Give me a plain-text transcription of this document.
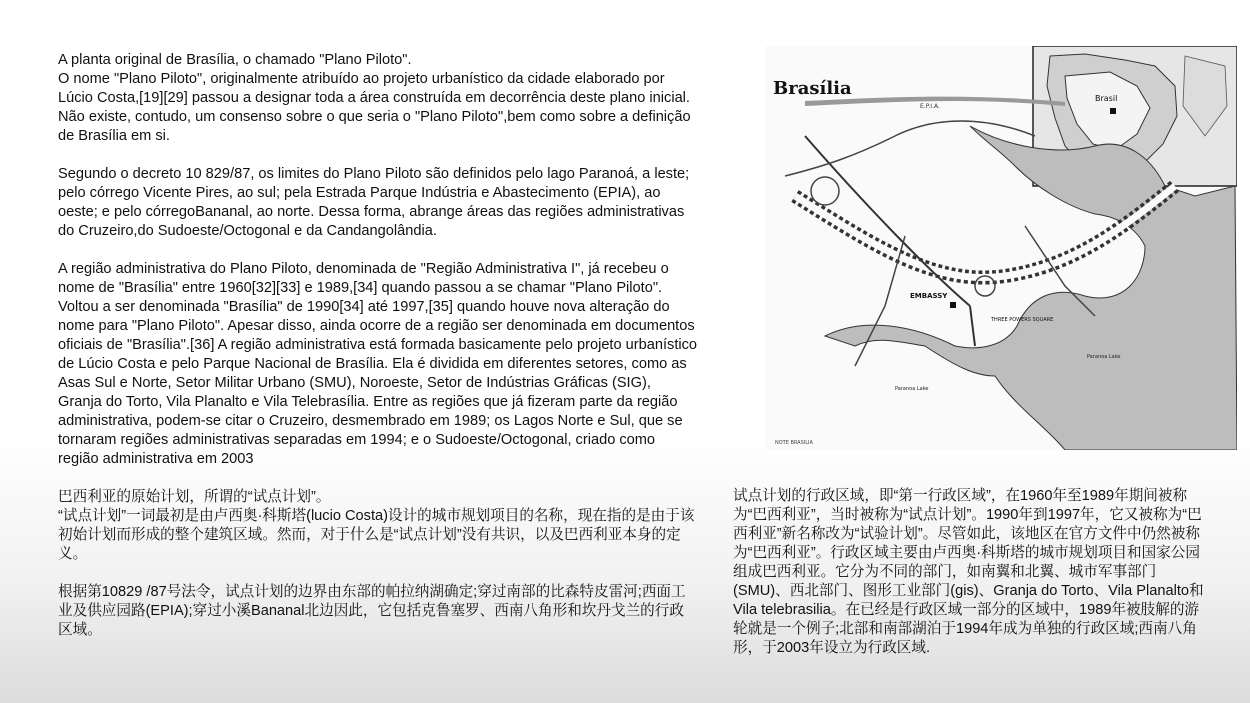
A planta original de Brasília, o chamado "Plano Piloto".
O nome "Plano Piloto", originalmente atribuído ao projeto urbanístico da cidade elaborado por Lúcio Costa,[19][29] passou a designar toda a área construída em decorrência deste plano inicial. Não existe, contudo, um consenso sobre o que seria o "Plano Piloto",bem como sobre a definição de Brasília em si.

Segundo o decreto 10 829/87, os limites do Plano Piloto são definidos pelo lago Paranoá, a leste; pelo córrego Vicente Pires, ao sul; pela Estrada Parque Indústria e Abastecimento (EPIA), ao oeste; e pelo córregoBananal, ao norte. Dessa forma, abrange áreas das regiões administrativas do Cruzeiro,do Sudoeste/Octogonal e da Candangolândia.

A região administrativa do Plano Piloto, denominada de "Região Administrativa I", já recebeu o nome de "Brasília" entre 1960[32][33] e 1989,[34] quando passou a se chamar "Plano Piloto". Voltou a ser denominada "Brasília" de 1990[34] até 1997,[35] quando houve nova alteração do nome para "Plano Piloto". Apesar disso, ainda ocorre de a região ser denominada em documentos oficiais de "Brasília".[36] A região administrativa está formada basicamente pelo projeto urbanístico de Lúcio Costa e pelo Parque Nacional de Brasília. Ela é dividida em diferentes setores, como as Asas Sul e Norte, Setor Militar Urbano (SMU), Noroeste, Setor de Indústrias Gráficas (SIG), Granja do Torto, Vila Planalto e Vila Telebrasília. Entre as regiões que já fizeram parte da região administrativa, podem-se citar o Cruzeiro, desmembrado em 1989; os Lagos Norte e Sul, que se tornaram regiões administrativas separadas em 1994; e o Sudoeste/Octogonal, criado como região administrativa em 2003

巴西利亚的原始计划，所谓的“试点计划”。
“试点计划”一词最初是由卢西奥·科斯塔(lucio Costa)设计的城市规划项目的名称，现在指的是由于该初始计划而形成的整个建筑区域。然而，对于什么是“试点计划”没有共识，以及巴西利亚本身的定义。

根据第10829 /87号法令，试点计划的边界由东部的帕拉纳湖确定;穿过南部的比森特皮雷河;西面工业及供应园路(EPIA);穿过小溪Bananal北边因此，它包括克鲁塞罗、西南八角形和坎丹戈兰的行政区域。

Brasília	Brasil
E.P.I.A.
EMBASSY
THREE POWERS SQUARE
Paranoa Lake
Paranoa Lake
NOTE BRASILIA

试点计划的行政区域，即“第一行政区域”，在1960年至1989年期间被称为“巴西利亚”，当时被称为“试点计划”。1990年到1997年，它又被称为“巴西利亚”新名称改为“试验计划”。尽管如此，该地区在官方文件中仍然被称为“巴西利亚”。行政区域主要由卢西奥·科斯塔的城市规划项目和国家公园组成巴西利亚。它分为不同的部门，如南翼和北翼、城市军事部门(SMU)、西北部门、图形工业部门(gis)、Granja do Torto、Vila Planalto和Vila telebrasilia。在已经是行政区域一部分的区域中，1989年被肢解的游轮就是一个例子;北部和南部湖泊于1994年成为单独的行政区域;西南八角形，于2003年设立为行政区域.
